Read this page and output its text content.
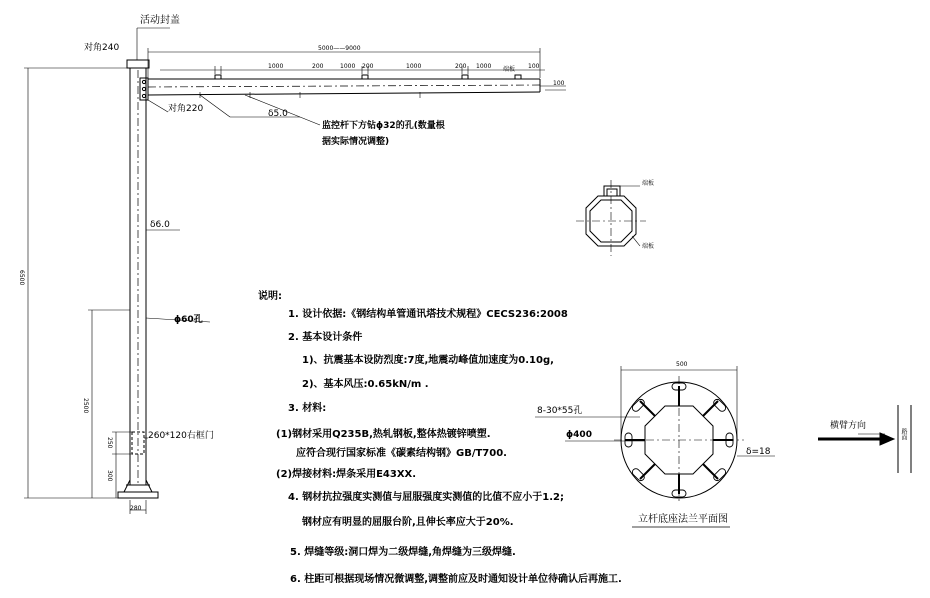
活动封盖
对角240
对角220
5000——9000
1000	200	1000 200	1000	200 1000	100
端板
100
δ5.0
监控杆下方钻ϕ32的孔(数量根
据实际情况调整)
δ6.0
ϕ60孔
260*120右框门
6500
2500
250
300
280
端板
端板
说明:
1. 设计依据:《钢结构单管通讯塔技术规程》CECS236:2008
2. 基本设计条件
1)、抗震基本设防烈度:7度,地震动峰值加速度为0.10g,
2)、基本风压:0.65kN/m .
3. 材料:
(1)钢材采用Q235B,热轧钢板,整体热镀锌喷塑.
应符合现行国家标准《碳素结构钢》GB/T700.
(2)焊接材料:焊条采用E43XX.
4. 钢材抗拉强度实测值与屈服强度实测值的比值不应小于1.2;
钢材应有明显的屈服台阶,且伸长率应大于20%.
5. 焊缝等级:洞口焊为二级焊缝,角焊缝为三级焊缝.
6. 柱距可根据现场情况微调整,调整前应及时通知设计单位待确认后再施工.
500
8-30*55孔
ϕ400
δ=18
立杆底座法兰平面图
横臂方向
路面
